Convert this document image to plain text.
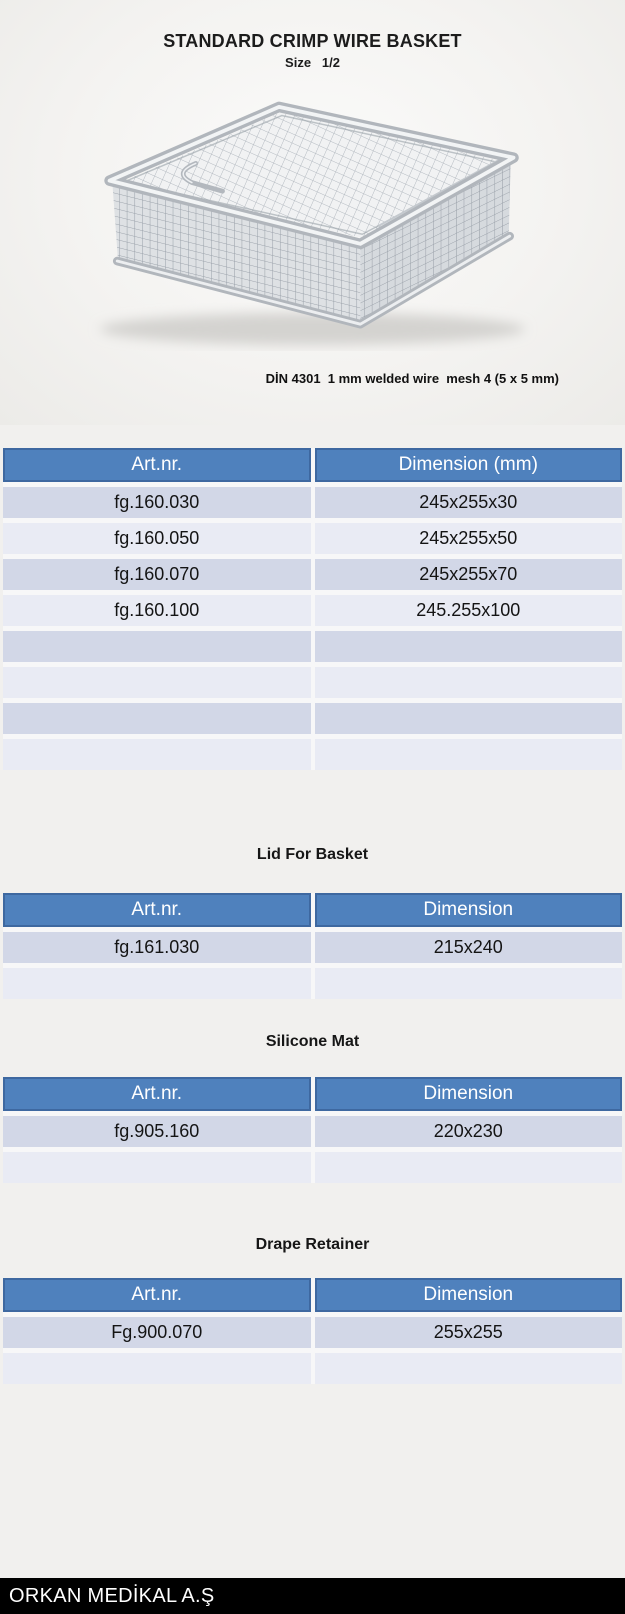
STANDARD CRIMP WIRE BASKET
Size   1/2
DİN 4301  1 mm welded wire  mesh 4 (5 x 5 mm)
Art.nr.	Dimension (mm)
fg.160.030	245x255x30
fg.160.050	245x255x50
fg.160.070	245x255x70
fg.160.100	245.255x100
Lid For Basket
Art.nr.	Dimension
fg.161.030	215x240
Silicone Mat
Art.nr.	Dimension
fg.905.160	220x230
Drape Retainer
Art.nr.	Dimension
Fg.900.070	255x255
ORKAN MEDİKAL A.Ş
